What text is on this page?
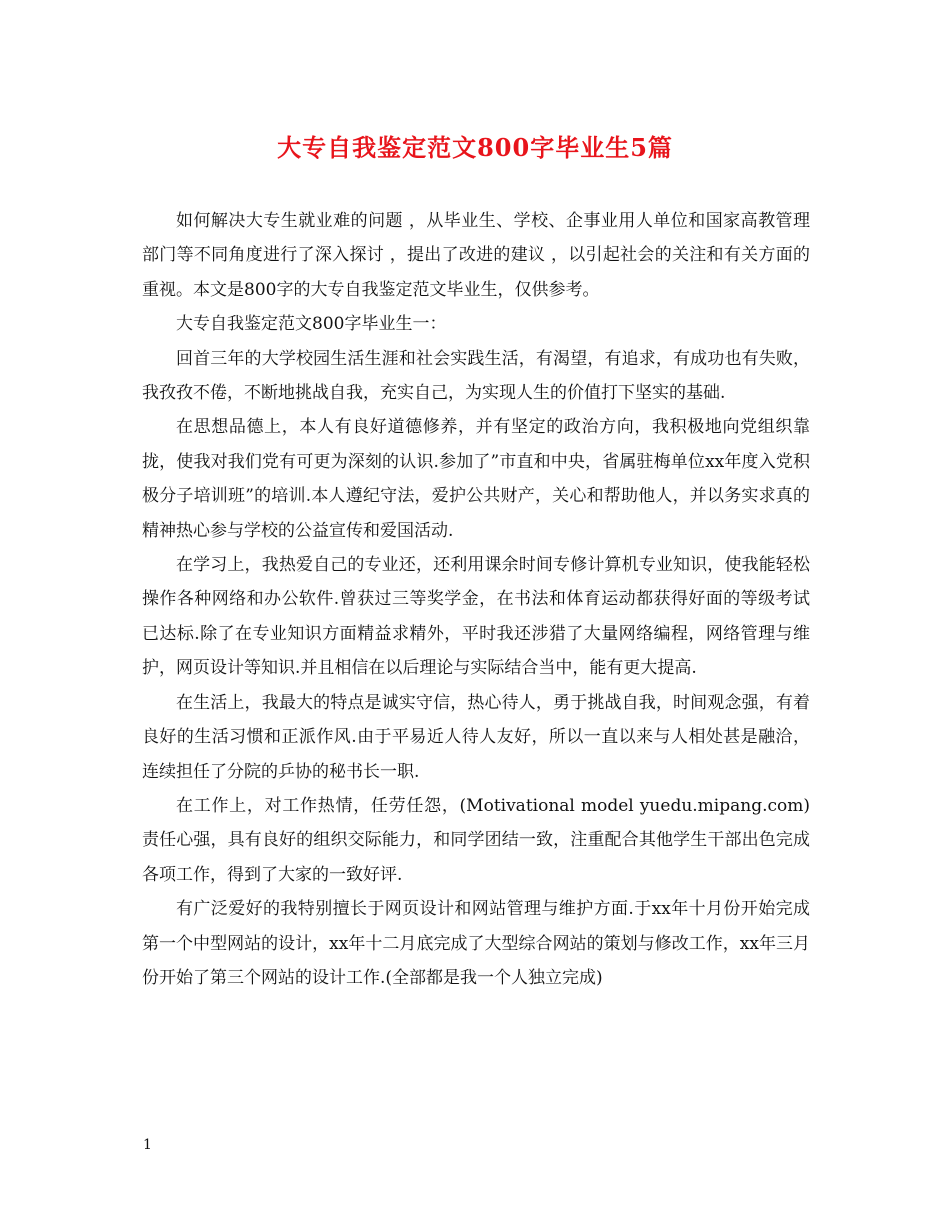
大专自我鉴定范文800字毕业生5篇

如何解决大专生就业难的问题 ，从毕业生、学校、企事业用人单位和国家高教管理部门等不同角度进行了深入探讨 ，提出了改进的建议 ，以引起社会的关注和有关方面的重视。本文是800字的大专自我鉴定范文毕业生，仅供参考。

大专自我鉴定范文800字毕业生一：

回首三年的大学校园生活生涯和社会实践生活，有渴望，有追求，有成功也有失败，我孜孜不倦，不断地挑战自我，充实自己，为实现人生的价值打下坚实的基础.

在思想品德上，本人有良好道德修养，并有坚定的政治方向，我积极地向党组织靠拢，使我对我们党有可更为深刻的认识.参加了”市直和中央，省属驻梅单位xx年度入党积极分子培训班”的培训.本人遵纪守法，爱护公共财产，关心和帮助他人，并以务实求真的精神热心参与学校的公益宣传和爱国活动.

在学习上，我热爱自己的专业还，还利用课余时间专修计算机专业知识，使我能轻松操作各种网络和办公软件.曾获过三等奖学金，在书法和体育运动都获得好面的等级考试已达标.除了在专业知识方面精益求精外，平时我还涉猎了大量网络编程，网络管理与维护，网页设计等知识.并且相信在以后理论与实际结合当中，能有更大提高.

在生活上，我最大的特点是诚实守信，热心待人，勇于挑战自我，时间观念强，有着良好的生活习惯和正派作风.由于平易近人待人友好，所以一直以来与人相处甚是融洽，连续担任了分院的乒协的秘书长一职.

在工作上，对工作热情，任劳任怨，(Motivational model yuedu.mipang.com)责任心强，具有良好的组织交际能力，和同学团结一致，注重配合其他学生干部出色完成各项工作，得到了大家的一致好评.

有广泛爱好的我特别擅长于网页设计和网站管理与维护方面.于xx年十月份开始完成第一个中型网站的设计，xx年十二月底完成了大型综合网站的策划与修改工作，xx年三月份开始了第三个网站的设计工作.(全部都是我一个人独立完成)

1
